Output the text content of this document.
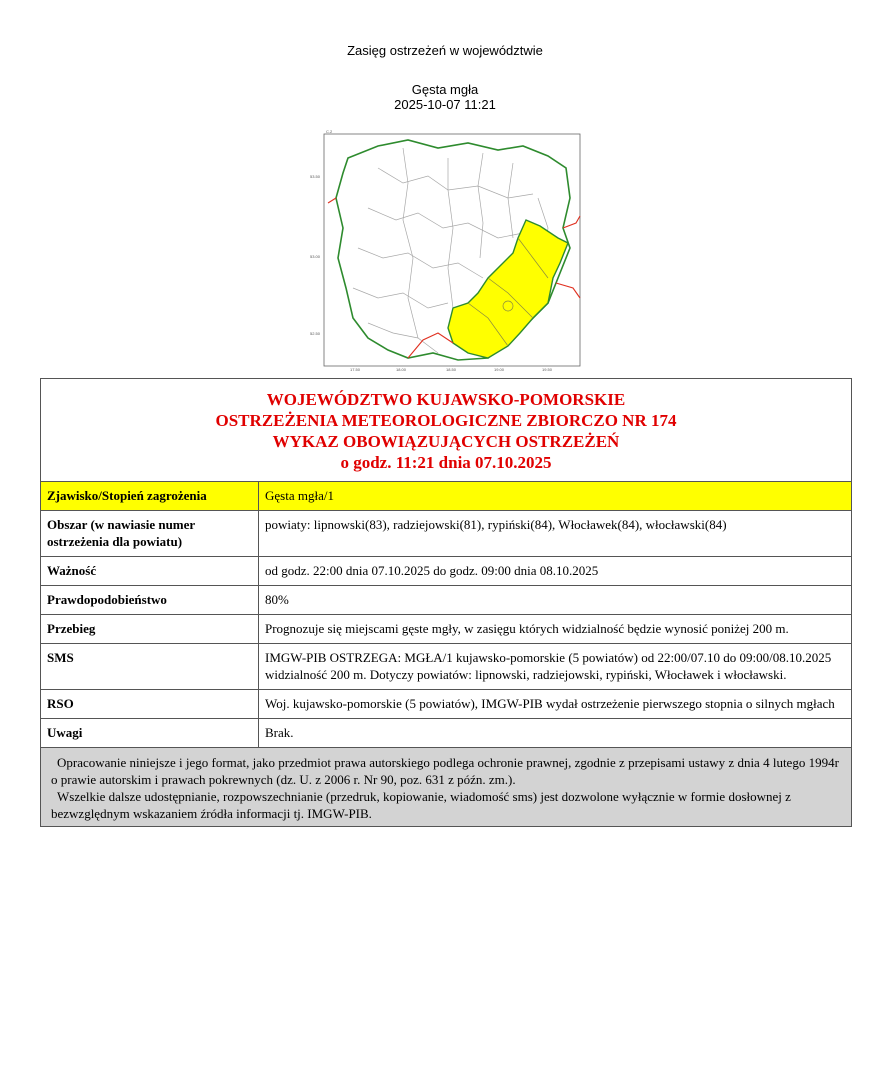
Zasięg ostrzeżeń w województwie
Gęsta mgła
2025-10-07 11:21
C.2
53.50
53.00
52.50
17.50	18.00	18.50	19.00	19.50
WOJEWÓDZTWO KUJAWSKO-POMORSKIE
OSTRZEŻENIA METEOROLOGICZNE ZBIORCZO NR 174
WYKAZ OBOWIĄZUJĄCYCH OSTRZEŻEŃ
o godz. 11:21 dnia 07.10.2025
Zjawisko/Stopień zagrożenia	Gęsta mgła/1
Obszar (w nawiasie numer ostrzeżenia dla powiatu)	powiaty: lipnowski(83), radziejowski(81), rypiński(84), Włocławek(84), włocławski(84)
Ważność	od godz. 22:00 dnia 07.10.2025 do godz. 09:00 dnia 08.10.2025
Prawdopodobieństwo	80%
Przebieg	Prognozuje się miejscami gęste mgły, w zasięgu których widzialność będzie wynosić poniżej 200 m.
SMS	IMGW-PIB OSTRZEGA: MGŁA/1 kujawsko-pomorskie (5 powiatów) od 22:00/07.10 do 09:00/08.10.2025 widzialność 200 m. Dotyczy powiatów: lipnowski, radziejowski, rypiński, Włocławek i włocławski.
RSO	Woj. kujawsko-pomorskie (5 powiatów), IMGW-PIB wydał ostrzeżenie pierwszego stopnia o silnych mgłach
Uwagi	Brak.

Opracowanie niniejsze i jego format, jako przedmiot prawa autorskiego podlega ochronie prawnej, zgodnie z przepisami ustawy z dnia 4 lutego 1994r o prawie autorskim i prawach pokrewnych (dz. U. z 2006 r. Nr 90, poz. 631 z późn. zm.).

Wszelkie dalsze udostępnianie, rozpowszechnianie (przedruk, kopiowanie, wiadomość sms) jest dozwolone wyłącznie w formie dosłownej z bezwzględnym wskazaniem źródła informacji tj. IMGW-PIB.
